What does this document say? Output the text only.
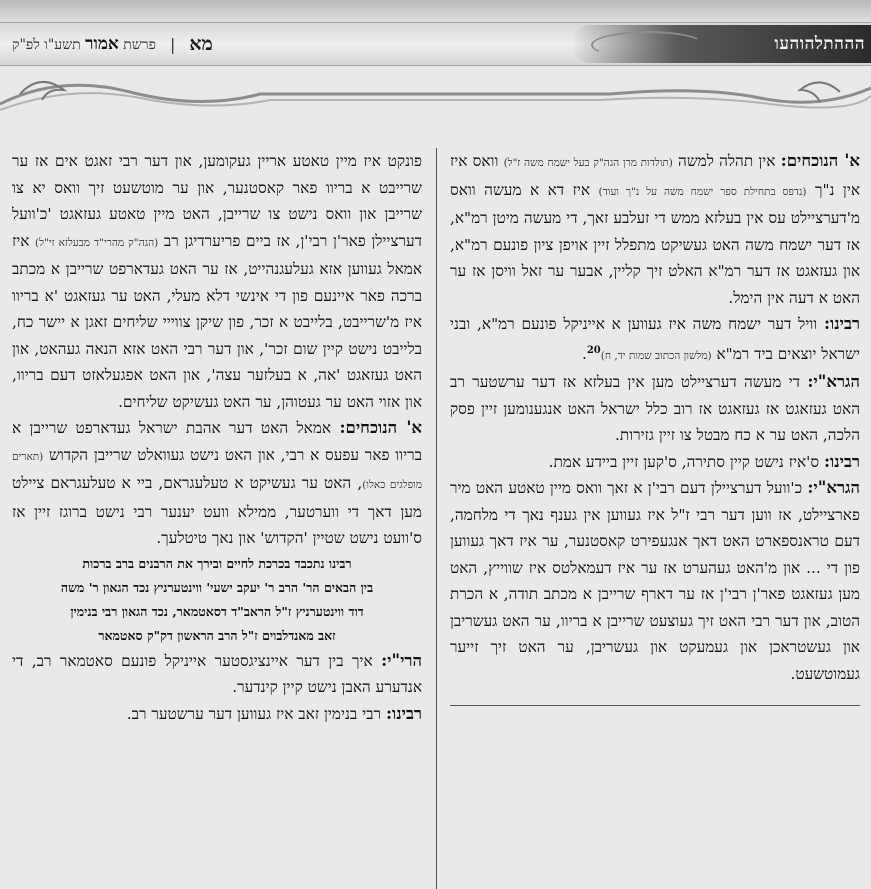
מא
|
פרשת אמור תשע"ו לפ"ק	הההתלהוהעו

א' הנוכחים: אין תהלה למשה (תולדות מרן הגה"ק בעל ישמח משה ז"ל) וואס איז אין נ"ך (נדפס בתחילת ספר ישמח משה על נ"ך ועוד) איז דא א מעשה וואס מ'דערציילט עס אין בעלזא ממש די זעלבע זאך, די מעשה מיטן רמ"א, אז דער ישמח משה האט געשיקט מתפלל זיין אויפן ציון פונעם רמ"א, און געזאגט אז דער רמ"א האלט זיך קליין, אבער ער זאל וויסן אז ער האט א דעה אין הימל.

רבינו: וויל דער ישמח משה איז געווען א אייניקל פונעם רמ"א, ובני ישראל יוצאים ביד רמ"א (מלשון הכתוב שמות יד, ח)$^{20}$.

הגרא"י: די מעשה דערציילט מען אין בעלזא אז דער ערשטער רב האט געזאגט אז געזאגט אז רוב כלל ישראל האט אנגענומען זיין פסק הלכה, האט ער א כח מבטל צו זיין גזירות.

רבינו: ס'איז נישט קיין סתירה, ס'קען זיין ביידע אמת.

הגרא"י: כ'וועל דערציילן דעם רבי'ן א זאך וואס מיין טאטע האט מיר פארציילט, אז ווען דער רבי ז"ל איז געווען אין גענף נאך די מלחמה, דעם טראנספארט האט דאך אנגעפירט קאסטנער, ער איז דאך געווען פון די ... און מ'האט געהערט אז ער איז דעמאלטס איז שווייץ, האט מען געזאגט פאר'ן רבי'ן אז ער דארף שרייבן א מכתב תודה, א הכרת הטוב, און דער רבי האט זיך געוצעט שרייבן א בריוו, ער האט געשריבן און געשטראכן און געמעקט און געשריבן, ער האט זיך זייער געמוטשעט.

פונקט איז מיין טאטע אריין געקומען, און דער רבי זאגט אים אז ער שרייבט א בריוו פאר קאסטנער, און ער מוטשעט זיך וואס יא צו שרייבן און וואס נישט צו שרייבן, האט מיין טאטע געזאגט 'כ'וועל דערציילן פאר'ן רבי'ן, אז ביים פריערדיגן רב (הגה"ק מהרי"ד מבעלזא זי"ל) איז אמאל געווען אזא געלעגנהייט, אז ער האט געדארפט שרייבן א מכתב ברכה פאר איינעם פון די אינשי דלא מעלי, האט ער געזאגט 'א בריוו איז מ'שרייבט, בלייבט א זכר, פון שיקן צווייי שליחים זאגן א יישר כח, בלייבט נישט קיין שום זכר', און דער רבי האט אזא הנאה געהאט, און האט געזאגט 'אה, א בעלזער עצה', און האט אפגעלאזט דעם בריוו, און אזוי האט ער געטוהן, ער האט געשיקט שליחים.

א' הנוכחים: אמאל האט דער אהבת ישראל געדארפט שרייבן א בריוו פאר עפעס א רבי, און האט נישט געוואלט שרייבן הקדוש (תארים מופלגים כאלו), האט ער געשיקט א טעלעגראם, ביי א טעלעגראם ציילט מען דאך די ווערטער, ממילא וועט יענער רבי נישט ברוגז זיין אז ס'וועט נישט שטיין 'הקדוש' און נאך טיטלעך.

רבינו נתכבד בכרכת לחיים ובירך את הרבנים ברב ברכות
בין הבאים הר' הרב ר' יעקב ישעי' ווינטערניץ נכד הגאון ר' משה
דוד ווינטערניץ ז"ל הראב"ד דסאטמאר, נכד הגאון רבי בנימין
זאב מאנדלבוים ז"ל הרב הראשון דק"ק סאטמאר

הרי"י: איך בין דער איינציגסטער אייניקל פונעם סאטמאר רב, די אנדערע האבן נישט קיין קינדער.

רבינו: רבי בנימין זאב איז געווען דער ערשטער רב.
